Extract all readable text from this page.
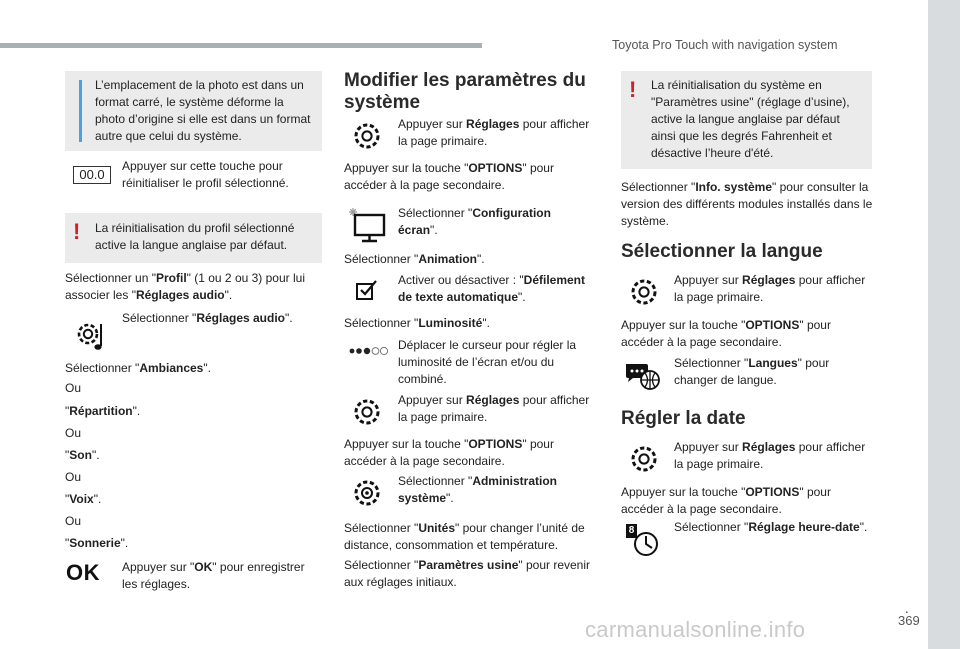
Toyota Pro Touch with navigation system
.
369
carmanualsonline.info
L’emplacement de la photo est dans un format carré, le système déforme la photo d’origine si elle est dans un format autre que celui du système.
00.0
Appuyer sur cette touche pour réinitialiser le profil sélectionné.
! La réinitialisation du profil sélectionné active la langue anglaise par défaut.
Sélectionner un "Profil" (1 ou 2 ou 3) pour lui associer les "Réglages audio".
Sélectionner "Réglages audio".
Sélectionner "Ambiances".
Ou
"Répartition".
Ou
"Son".
Ou
"Voix".
Ou
"Sonnerie".
OK Appuyer sur "OK" pour enregistrer les réglages.
Modifier les paramètres du système
Appuyer sur Réglages pour afficher la page primaire.
Appuyer sur la touche "OPTIONS" pour accéder à la page secondaire.
Sélectionner "Configuration écran".
Sélectionner "Animation".
Activer ou désactiver : "Défilement de texte automatique".
Sélectionner "Luminosité".
Déplacer le curseur pour régler la luminosité de l’écran et/ou du combiné.
Appuyer sur Réglages pour afficher la page primaire.
Appuyer sur la touche "OPTIONS" pour accéder à la page secondaire.
Sélectionner "Administration système".
Sélectionner "Unités" pour changer l’unité de distance, consommation et température.
Sélectionner "Paramètres usine" pour revenir aux réglages initiaux.
! La réinitialisation du système en "Paramètres usine" (réglage d’usine), active la langue anglaise par défaut ainsi que les degrés Fahrenheit et désactive l’heure d'été.
Sélectionner "Info. système" pour consulter la version des différents modules installés dans le système.
Sélectionner la langue
Appuyer sur Réglages pour afficher la page primaire.
Appuyer sur la touche "OPTIONS" pour accéder à la page secondaire.
Sélectionner "Langues" pour changer de langue.
Régler la date
Appuyer sur Réglages pour afficher la page primaire.
Appuyer sur la touche "OPTIONS" pour accéder à la page secondaire.
8	Sélectionner "Réglage heure-date".
